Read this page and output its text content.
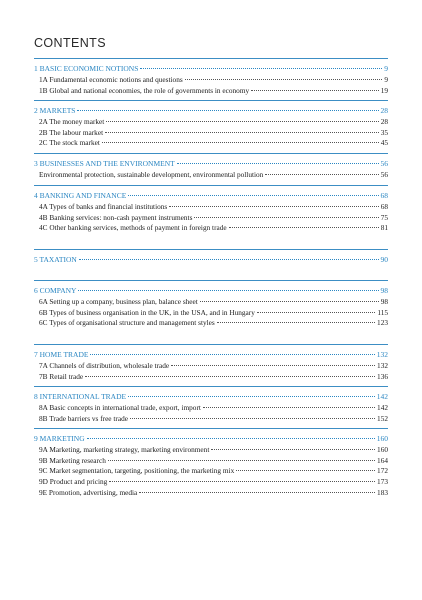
CONTENTS
1 BASIC ECONOMIC NOTIONS	9
1A Fundamental economic notions and questions	9
1B Global and national economies, the role of governments in economy	19
2 MARKETS	28
2A The money market	28
2B The labour market	35
2C The stock market	45
3 BUSINESSES AND THE ENVIRONMENT	56
Environmental protection, sustainable development, environmental pollution	56
4 BANKING AND FINANCE	68
4A Types of banks and financial institutions	68
4B Banking services: non-cash payment instruments	75
4C Other banking services, methods of payment in foreign trade	81
5 TAXATION	90
6 COMPANY	98
6A Setting up a company, business plan, balance sheet	98
6B Types of business organisation in the UK, in the USA, and in Hungary	115
6C Types of organisational structure and management styles	123
7 HOME TRADE	132
7A Channels of distribution, wholesale trade	132
7B Retail trade	136
8 INTERNATIONAL TRADE	142
8A Basic concepts in international trade, export, import	142
8B Trade barriers vs free trade	152
9 MARKETING	160
9A Marketing, marketing strategy, marketing environment	160
9B Marketing research	164
9C Market segmentation, targeting, positioning, the marketing mix	172
9D Product and pricing	173
9E Promotion, advertising, media	183
